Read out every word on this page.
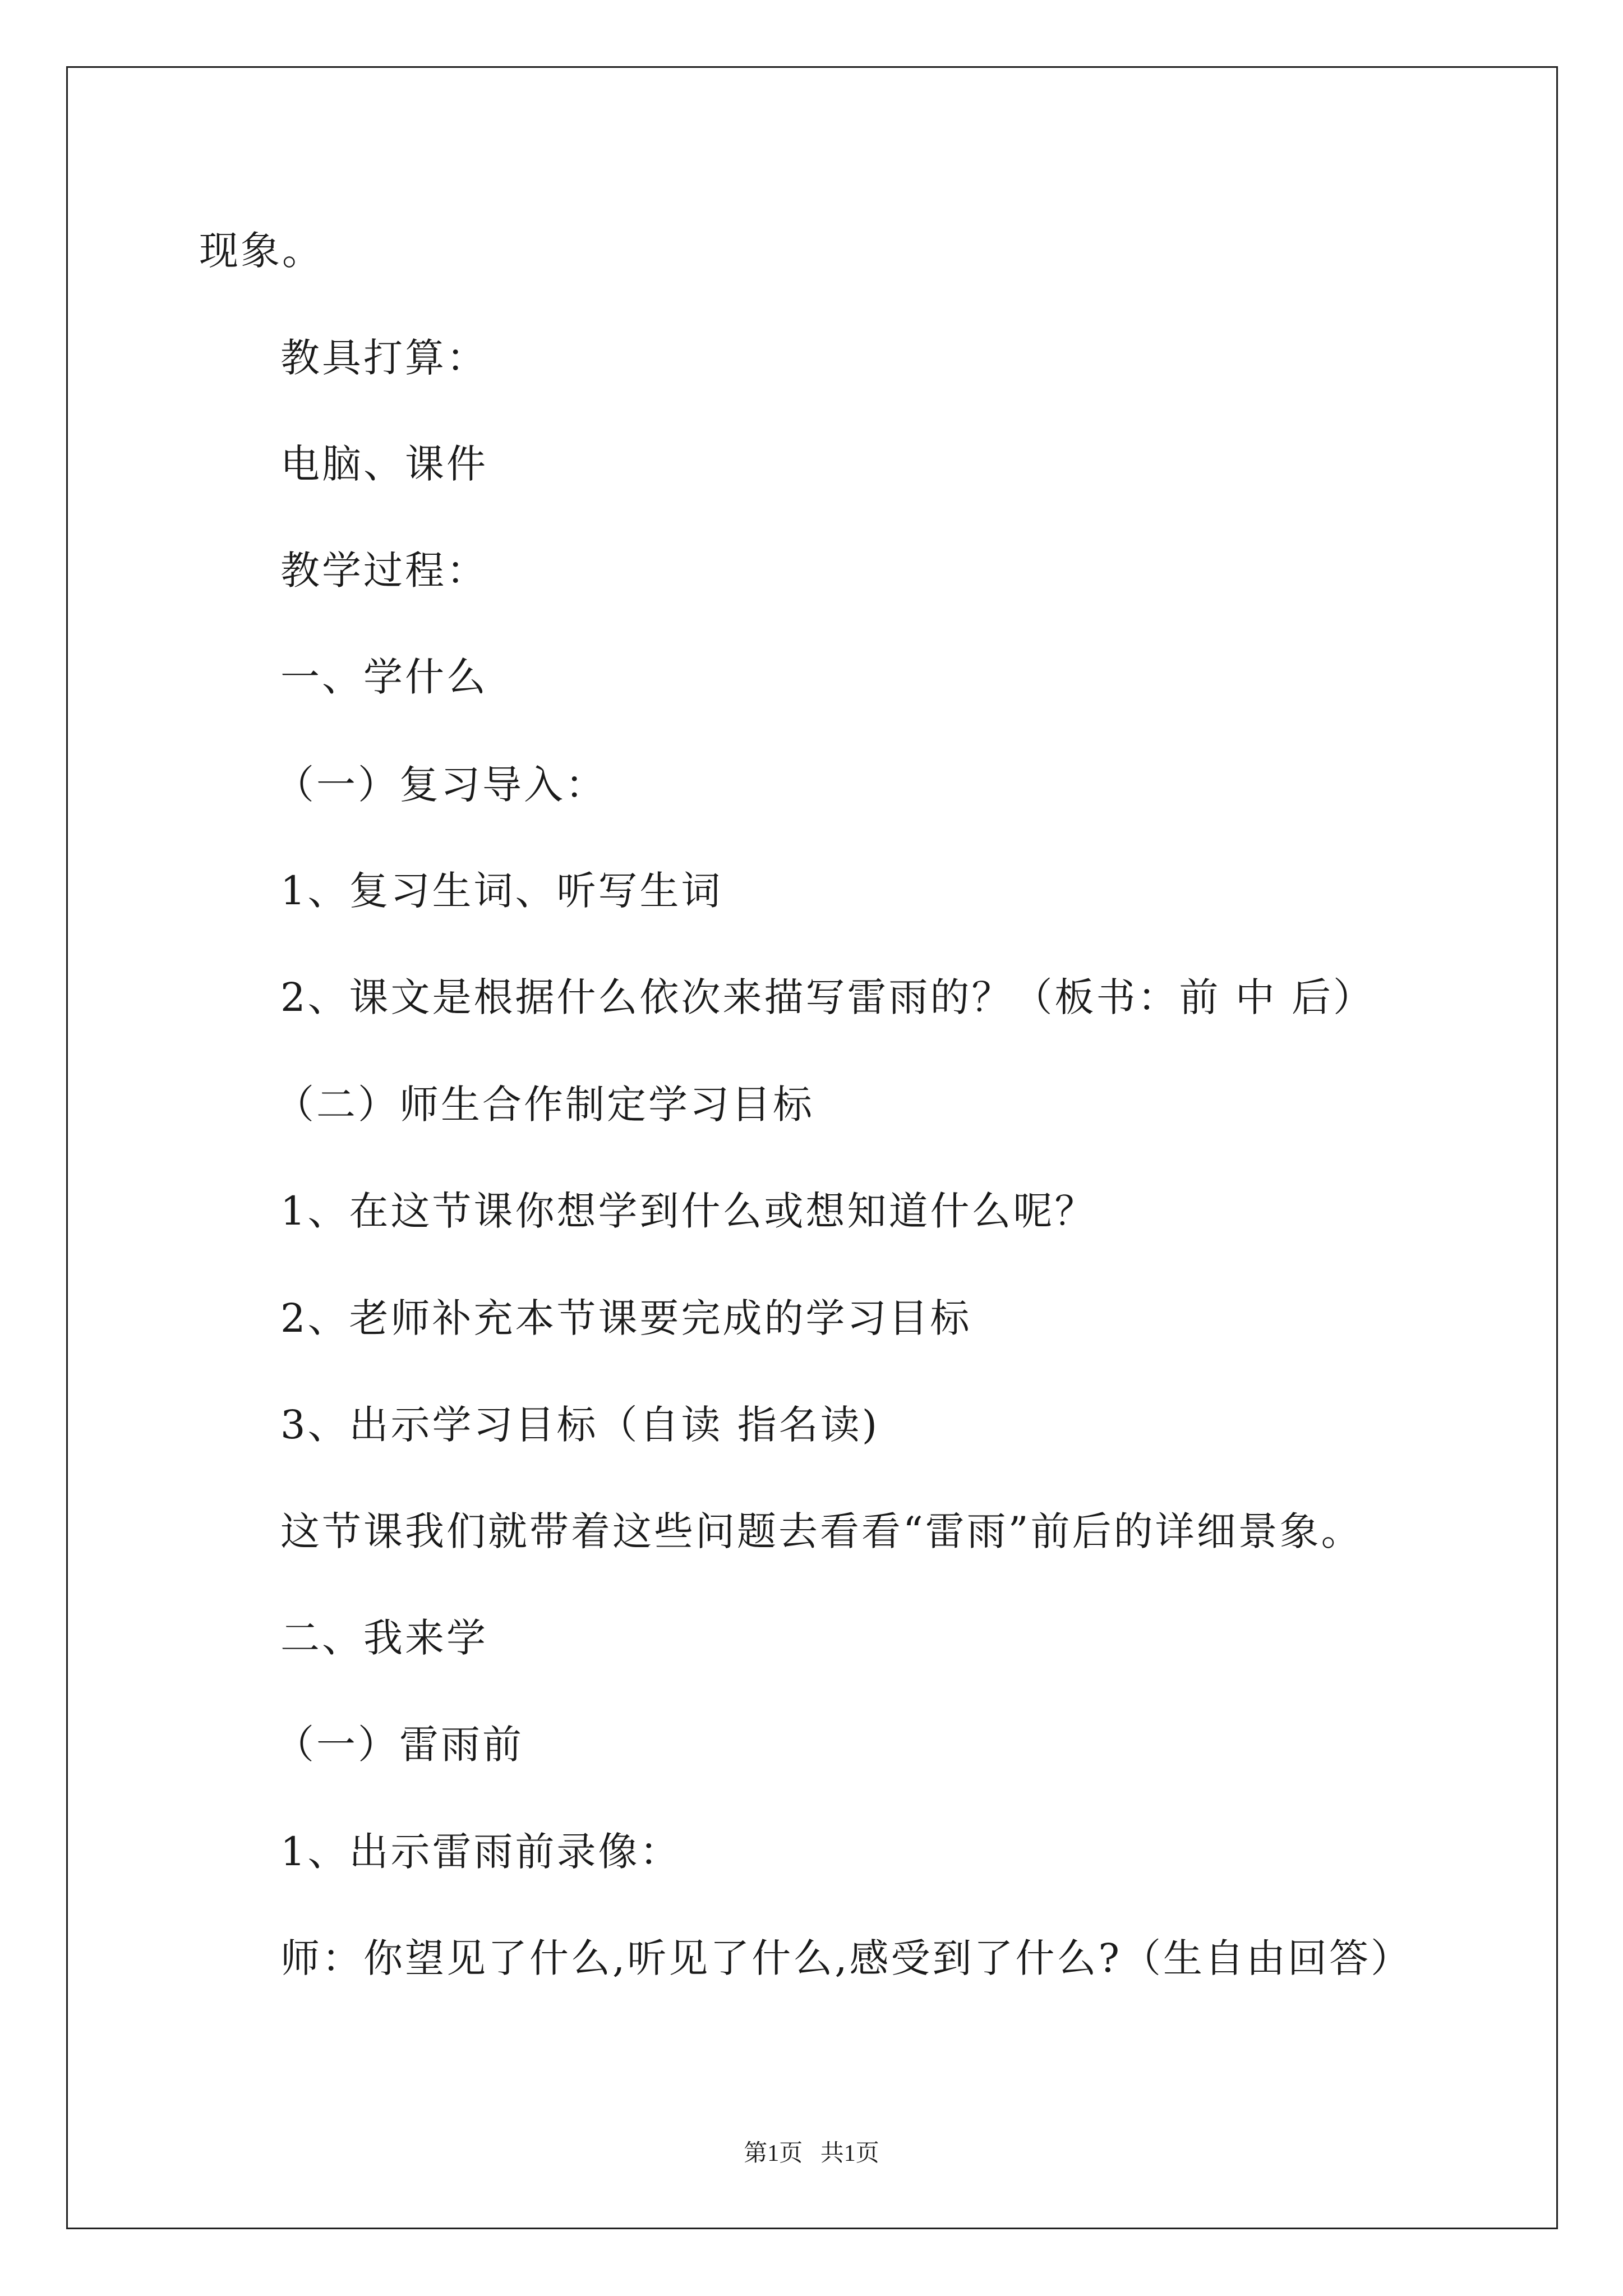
现象。
教具打算：
电脑、课件
教学过程：
一、学什么
（一）复习导入：
1、复习生词、听写生词
2、课文是根据什么依次来描写雷雨的？（板书：前 中 后）
（二）师生合作制定学习目标
1、在这节课你想学到什么或想知道什么呢？
2、老师补充本节课要完成的学习目标
3、出示学习目标（自读 指名读)
这节课我们就带着这些问题去看看“雷雨”前后的详细景象。
二、我来学
（一）雷雨前
1、出示雷雨前录像：
师：你望见了什么,听见了什么,感受到了什么?（生自由回答）
第1页   共1页
